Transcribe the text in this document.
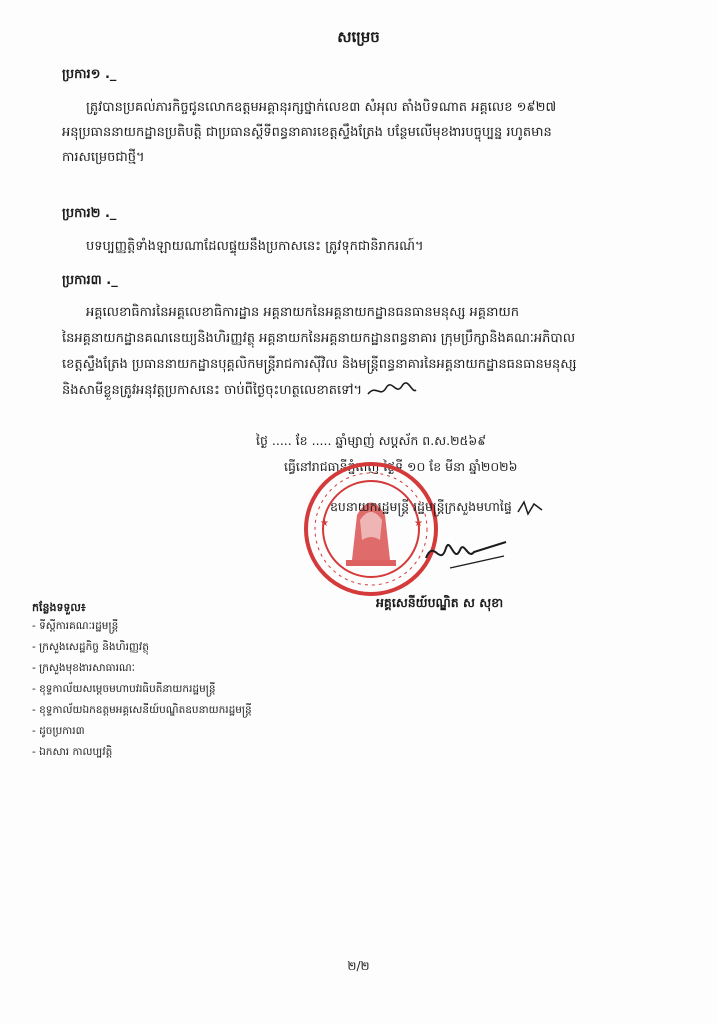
សម្រេច
ប្រការ១ ._
ត្រូវបានប្រគល់ភារកិច្ចជូនលោកឧត្តមអគ្គានុរក្សថ្នាក់លេខ៣ សំអុល តាំងបិទណាត អគ្គលេខ ១៩២៧
អនុប្រធាននាយកដ្ឋានប្រតិបត្តិ ជាប្រធានស្តីទីពន្ធនាគារខេត្តស្ទឹងត្រែង បន្ថែមលើមុខងារបច្ចុប្បន្ន រហូតមាន
ការសម្រេចជាថ្មី។
ប្រការ២ ._
បទប្បញ្ញត្តិទាំងឡាយណាដែលផ្ទុយនឹងប្រកាសនេះ ត្រូវទុកជានិរាករណ៍។
ប្រការ៣ ._
អគ្គលេខាធិការនៃអគ្គលេខាធិការដ្ឋាន អគ្គនាយកនៃអគ្គនាយកដ្ឋានធនធានមនុស្ស អគ្គនាយក
នៃអគ្គនាយកដ្ឋានគណនេយ្យនិងហិរញ្ញវត្ថុ អគ្គនាយកនៃអគ្គនាយកដ្ឋានពន្ធនាគារ ក្រុមប្រឹក្សានិងគណៈអភិបាល
ខេត្តស្ទឹងត្រែង ប្រធាននាយកដ្ឋានបុគ្គលិកមន្ត្រីរាជការស៊ីវិល និងមន្ត្រីពន្ធនាគារនៃអគ្គនាយកដ្ឋានធនធានមនុស្ស
និងសាមីខ្លួនត្រូវអនុវត្តប្រកាសនេះ ចាប់ពីថ្ងៃចុះហត្ថលេខាតទៅ។
ថ្ងៃ ..... ខែ ..... ឆ្នាំម្សាញ់ សប្តស័ក ព.ស.២៥៦៩
ធ្វើនៅរាជធានីភ្នំពេញ ថ្ងៃទី ១០ ខែ មីនា ឆ្នាំ២០២៦
★	★
ឧបនាយករដ្ឋមន្ត្រី រដ្ឋមន្ត្រីក្រសួងមហាផ្ទៃ
អគ្គសេនីយ៍បណ្ឌិត ស សុខា
កន្លែងទទួល៖
- ទីស្តីការគណៈរដ្ឋមន្ត្រី
- ក្រសួងសេដ្ឋកិច្ច និងហិរញ្ញវត្ថុ
- ក្រសួងមុខងារសាធារណៈ
- ខុទ្ទកាល័យសម្តេចមហាបវរធិបតីនាយករដ្ឋមន្ត្រី
- ខុទ្ទកាល័យឯកឧត្តមអគ្គសេនីយ៍បណ្ឌិតឧបនាយករដ្ឋមន្ត្រី
- ដូចប្រការ៣
- ឯកសារ កាលប្បវត្តិ
២/២
